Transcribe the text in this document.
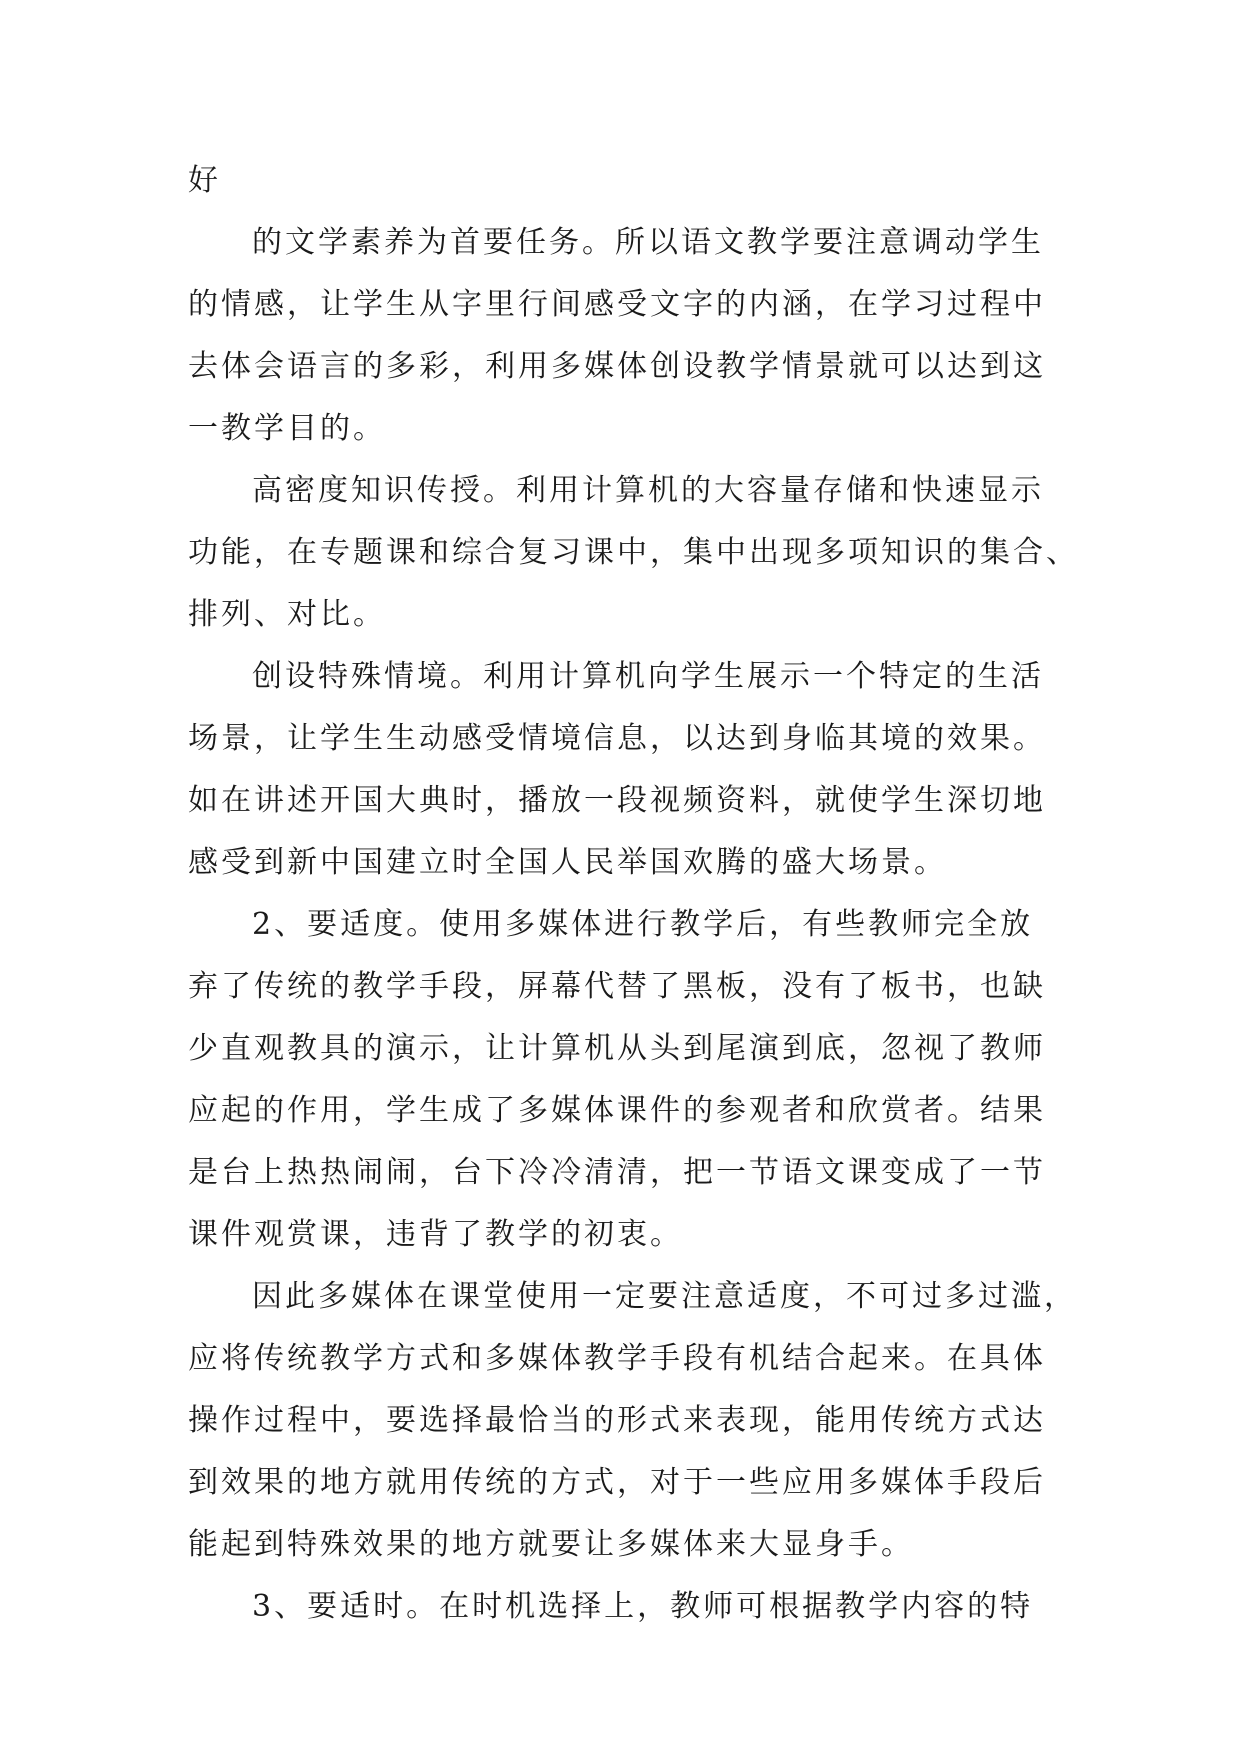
好
的文学素养为首要任务。所以语文教学要注意调动学生
的情感，让学生从字里行间感受文字的内涵，在学习过程中
去体会语言的多彩，利用多媒体创设教学情景就可以达到这
一教学目的。
高密度知识传授。利用计算机的大容量存储和快速显示
功能，在专题课和综合复习课中，集中出现多项知识的集合、
排列、对比。
创设特殊情境。利用计算机向学生展示一个特定的生活
场景，让学生生动感受情境信息，以达到身临其境的效果。
如在讲述开国大典时，播放一段视频资料，就使学生深切地
感受到新中国建立时全国人民举国欢腾的盛大场景。
2、要适度。使用多媒体进行教学后，有些教师完全放
弃了传统的教学手段，屏幕代替了黑板，没有了板书，也缺
少直观教具的演示，让计算机从头到尾演到底，忽视了教师
应起的作用，学生成了多媒体课件的参观者和欣赏者。结果
是台上热热闹闹，台下冷冷清清，把一节语文课变成了一节
课件观赏课，违背了教学的初衷。
因此多媒体在课堂使用一定要注意适度，不可过多过滥，
应将传统教学方式和多媒体教学手段有机结合起来。在具体
操作过程中，要选择最恰当的形式来表现，能用传统方式达
到效果的地方就用传统的方式，对于一些应用多媒体手段后
能起到特殊效果的地方就要让多媒体来大显身手。
3、要适时。在时机选择上，教师可根据教学内容的特
